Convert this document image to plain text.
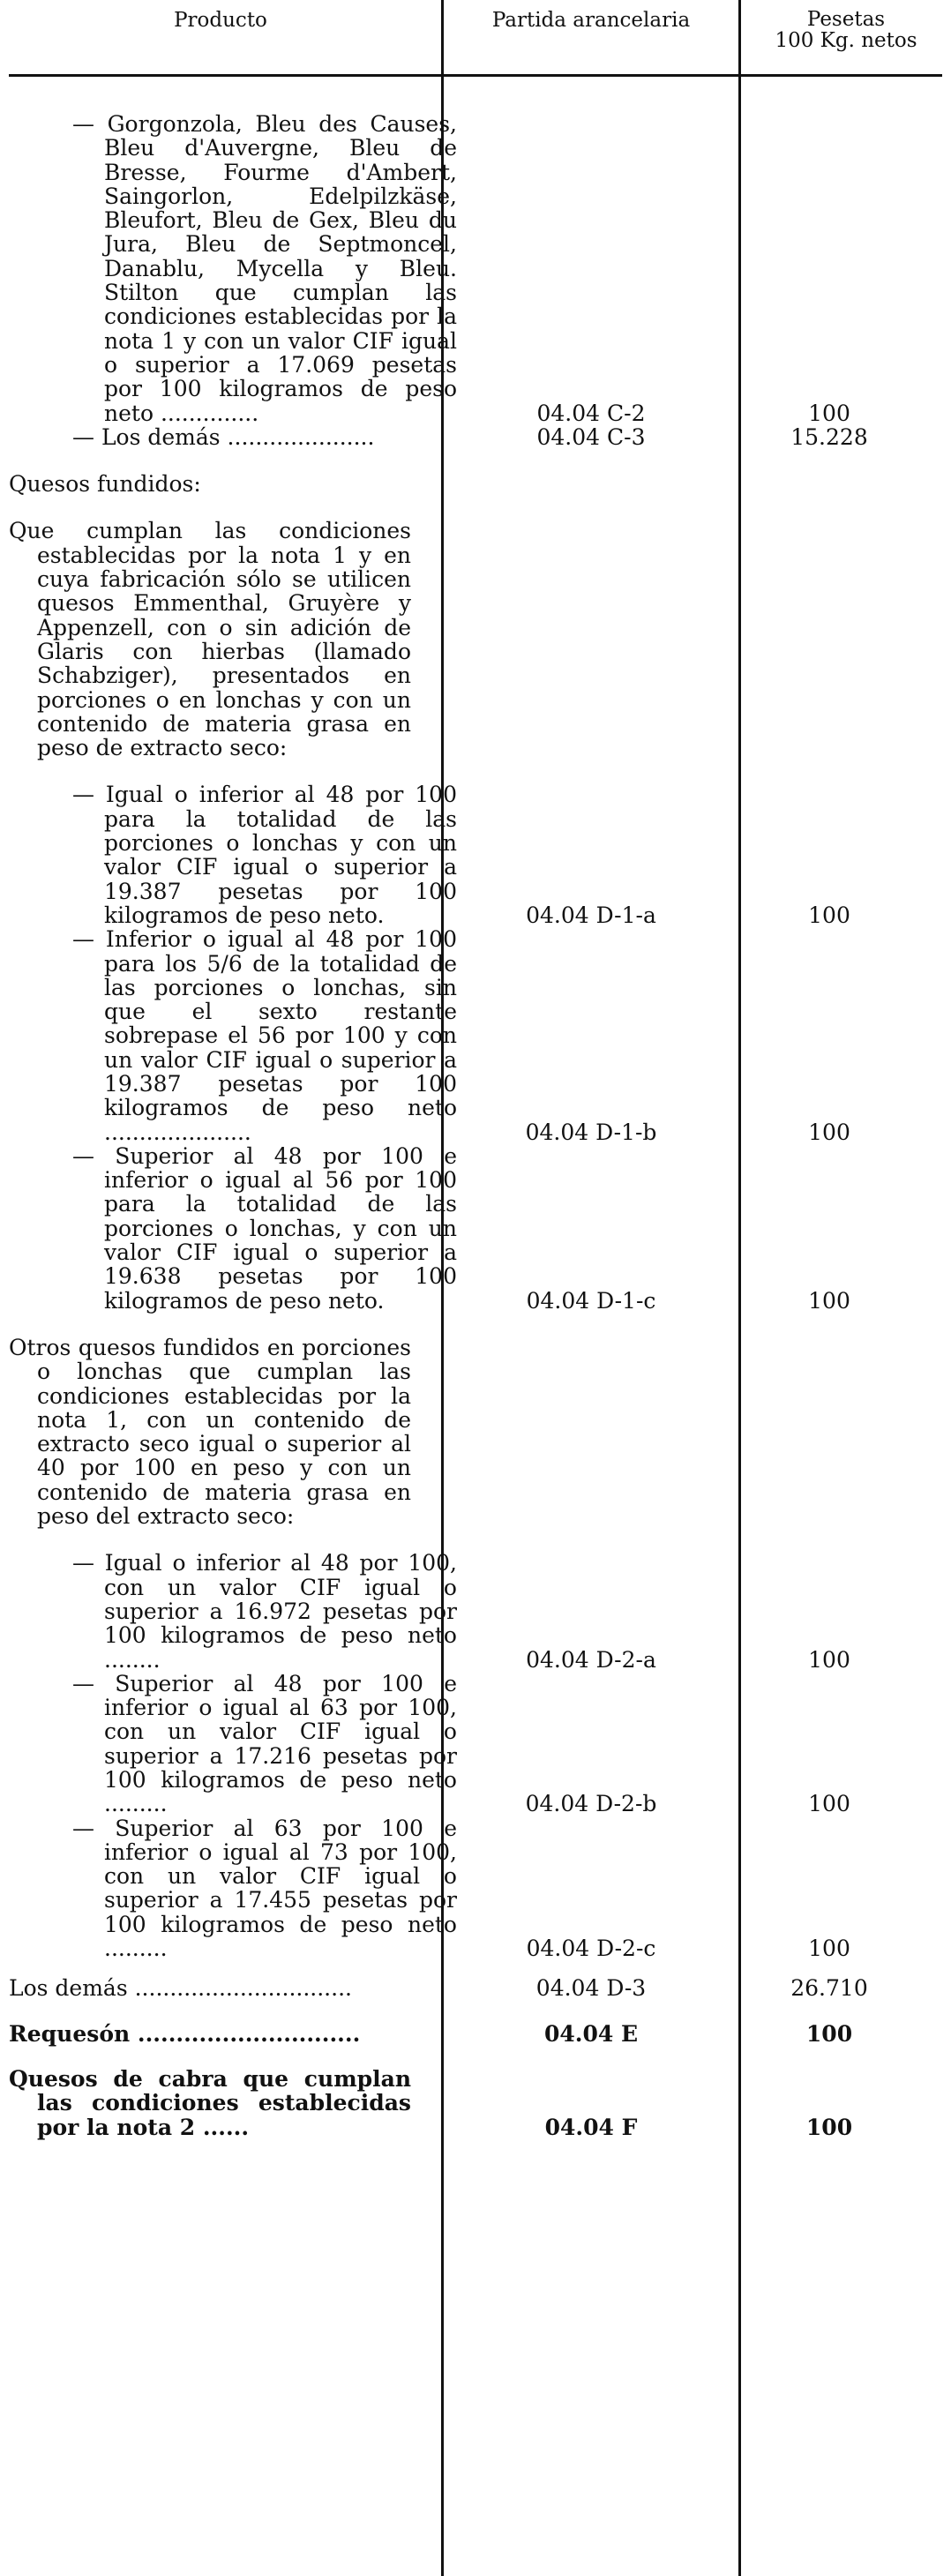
Producto	Partida arancelaria	Pesetas
100 Kg. netos
— Gorgonzola, Bleu des Causes, Bleu d'Auvergne, Bleu de Bresse, Fourme d'Ambert, Saingorlon, Edelpilzkäse, Bleufort, Bleu de Gex, Bleu du Jura, Bleu de Septmoncel, Danablu, Mycella y Bleu. Stilton que cumplan las condiciones establecidas por la nota 1 y con un valor CIF igual o superior a 17.069 pesetas por 100 kilogramos de peso neto ..............	04.04 C-2	100
— Los demás .....................	04.04 C-3	15.228
Quesos fundidos:
Que cumplan las condiciones establecidas por la nota 1 y en cuya fabricación sólo se utilicen quesos Emmenthal, Gruyère y Appenzell, con o sin adición de Glaris con hierbas (llamado Schabziger), presentados en porciones o en lonchas y con un contenido de materia grasa en peso de extracto seco:
— Igual o inferior al 48 por 100 para la totalidad de las porciones o lonchas y con un valor CIF igual o superior a 19.387 pesetas por 100 kilogramos de peso neto.	04.04 D-1-a	100
— Inferior o igual al 48 por 100 para los 5/6 de la totalidad de las porciones o lonchas, sin que el sexto restante sobrepase el 56 por 100 y con un valor CIF igual o superior a 19.387 pesetas por 100 kilogramos de peso neto .....................	04.04 D-1-b	100
— Superior al 48 por 100 e inferior o igual al 56 por 100 para la totalidad de las porciones o lonchas, y con un valor CIF igual o superior a 19.638 pesetas por 100 kilogramos de peso neto.	04.04 D-1-c	100
Otros quesos fundidos en porciones o lonchas que cumplan las condiciones establecidas por la nota 1, con un contenido de extracto seco igual o superior al 40 por 100 en peso y con un contenido de materia grasa en peso del extracto seco:
— Igual o inferior al 48 por 100, con un valor CIF igual o superior a 16.972 pesetas por 100 kilogramos de peso neto ........	04.04 D-2-a	100
— Superior al 48 por 100 e inferior o igual al 63 por 100, con un valor CIF igual o superior a 17.216 pesetas por 100 kilogramos de peso neto .........	04.04 D-2-b	100
— Superior al 63 por 100 e inferior o igual al 73 por 100, con un valor CIF igual o superior a 17.455 pesetas por 100 kilogramos de peso neto .........	04.04 D-2-c	100
Los demás ...............................	04.04 D-3	26.710
Requesón .............................	04.04 E	100
Quesos de cabra que cumplan las condiciones establecidas por la nota 2 ......	04.04 F	100
